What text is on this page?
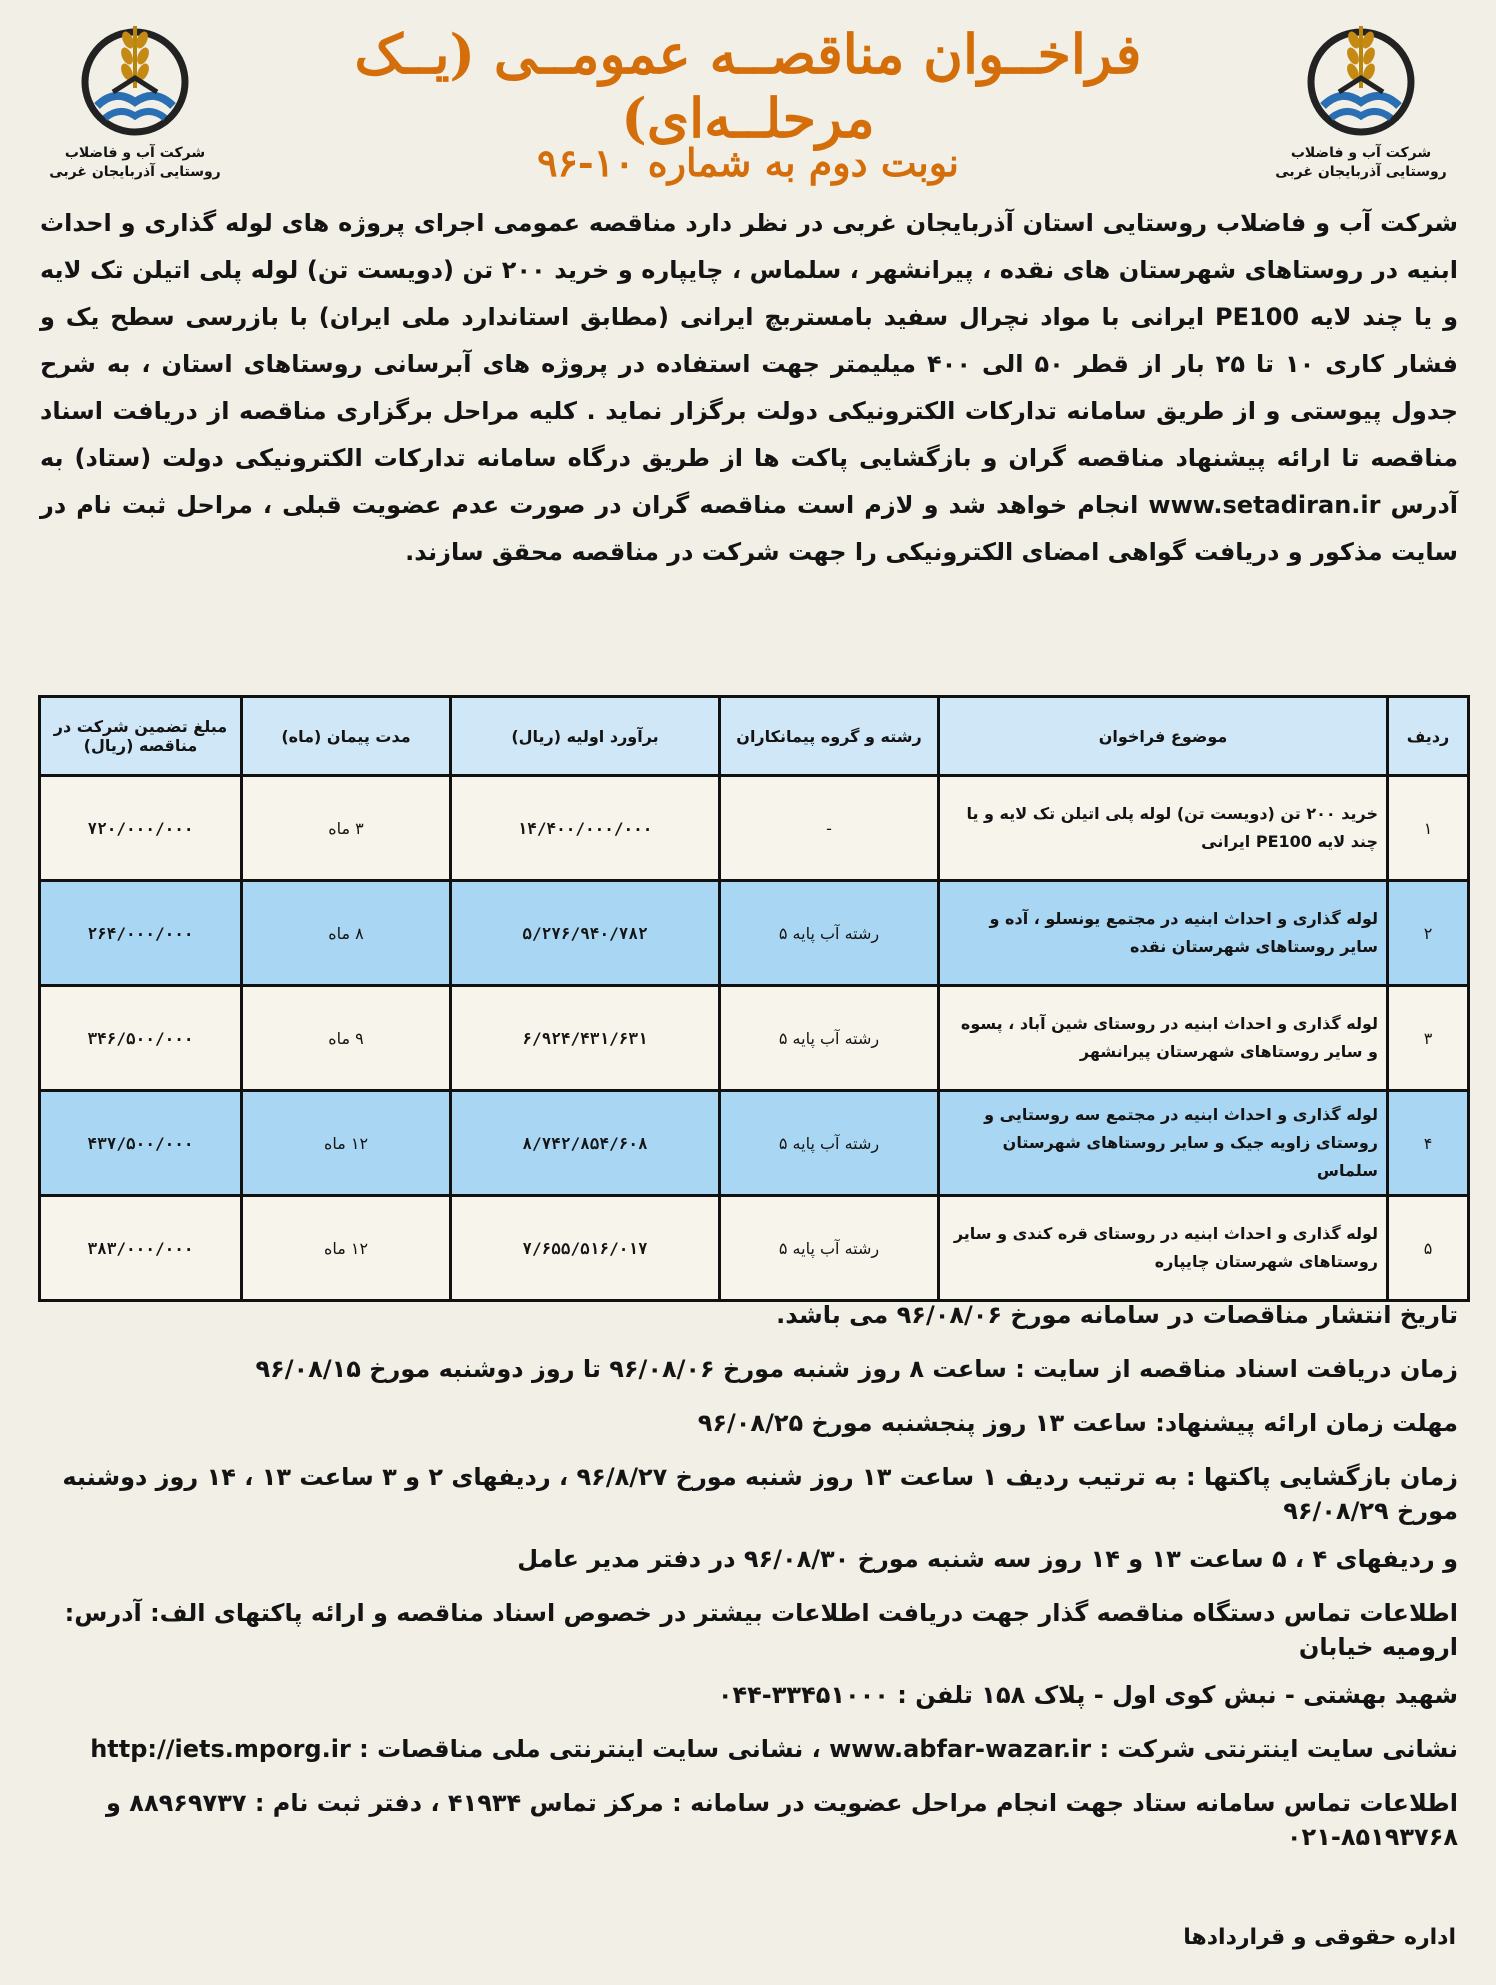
شرکت آب و فاضلاب روستایی آذربایجان غربی
شرکت آب و فاضلاب روستایی آذربایجان غربی
فراخــوان مناقصــه عمومــی (یــک مرحلــه‌ای)
نوبت دوم به شماره ۱۰-۹۶
شرکت آب و فاضلاب روستایی استان آذربایجان غربی در نظر دارد مناقصه عمومی اجرای پروژه های لوله گذاری و احداث ابنیه در روستاهای شهرستان های نقده ، پیرانشهر ، سلماس ، چایپاره و خرید ۲۰۰ تن (دویست تن) لوله پلی اتیلن تک لایه و یا چند لایه PE100 ایرانی با مواد نچرال سفید بامستربچ ایرانی (مطابق استاندارد ملی ایران) با بازرسی سطح یک و فشار کاری ۱۰ تا ۲۵ بار از قطر ۵۰ الی ۴۰۰ میلیمتر جهت استفاده در پروژه های آبرسانی روستاهای استان ، به شرح جدول پیوستی و از طریق سامانه تدارکات الکترونیکی دولت برگزار نماید . کلیه مراحل برگزاری مناقصه از دریافت اسناد مناقصه تا ارائه پیشنهاد مناقصه گران و بازگشایی پاکت ها از طریق درگاه سامانه تدارکات الکترونیکی دولت (ستاد) به آدرس www.setadiran.ir انجام خواهد شد و لازم است مناقصه گران در صورت عدم عضویت قبلی ، مراحل ثبت نام در سایت مذکور و دریافت گواهی امضای الکترونیکی را جهت شرکت در مناقصه محقق سازند.
ردیف	موضوع فراخوان	رشته و گروه پیمانکاران	برآورد اولیه (ریال)	مدت پیمان (ماه)	مبلغ تضمین شرکت در مناقصه (ریال)
۱	خرید ۲۰۰ تن (دویست تن) لوله پلی اتیلن تک لایه و یا چند لایه PE100 ایرانی	-	۱۴/۴۰۰/۰۰۰/۰۰۰	۳ ماه	۷۲۰/۰۰۰/۰۰۰
۲	لوله گذاری و احداث ابنیه در مجتمع یونسلو ، آده و سایر روستاهای شهرستان نقده	رشته آب پایه ۵	۵/۲۷۶/۹۴۰/۷۸۲	۸ ماه	۲۶۴/۰۰۰/۰۰۰
۳	لوله گذاری و احداث ابنیه در روستای شین آباد ، پسوه و سایر روستاهای شهرستان پیرانشهر	رشته آب پایه ۵	۶/۹۲۴/۴۳۱/۶۳۱	۹ ماه	۳۴۶/۵۰۰/۰۰۰
۴	لوله گذاری و احداث ابنیه در مجتمع سه روستایی و روستای زاویه جیک و سایر روستاهای شهرستان سلماس	رشته آب پایه ۵	۸/۷۴۲/۸۵۴/۶۰۸	۱۲ ماه	۴۳۷/۵۰۰/۰۰۰
۵	لوله گذاری و احداث ابنیه در روستای قره کندی و سایر روستاهای شهرستان چایپاره	رشته آب پایه ۵	۷/۶۵۵/۵۱۶/۰۱۷	۱۲ ماه	۳۸۳/۰۰۰/۰۰۰
تاریخ انتشار مناقصات در سامانه مورخ ۹۶/۰۸/۰۶ می باشد.
زمان دریافت اسناد مناقصه از سایت : ساعت ۸ روز شنبه مورخ ۹۶/۰۸/۰۶ تا روز دوشنبه مورخ ۹۶/۰۸/۱۵
مهلت زمان ارائه پیشنهاد: ساعت ۱۳ روز پنجشنبه مورخ ۹۶/۰۸/۲۵
زمان بازگشایی پاکتها : به ترتیب ردیف ۱ ساعت ۱۳ روز شنبه مورخ ۹۶/۸/۲۷ ، ردیفهای ۲ و ۳ ساعت ۱۳ ، ۱۴ روز دوشنبه مورخ ۹۶/۰۸/۲۹
و ردیفهای ۴ ، ۵ ساعت ۱۳ و ۱۴ روز سه شنبه مورخ ۹۶/۰۸/۳۰ در دفتر مدیر عامل
اطلاعات تماس دستگاه مناقصه گذار جهت دریافت اطلاعات بیشتر در خصوص اسناد مناقصه و ارائه پاکتهای الف: آدرس: ارومیه خیابان
شهید بهشتی - نبش کوی اول - پلاک ۱۵۸ تلفن : ۳۳۴۵۱۰۰۰-۰۴۴
نشانی سایت اینترنتی شرکت : www.abfar-wazar.ir ، نشانی سایت اینترنتی ملی مناقصات : http://iets.mporg.ir
اطلاعات تماس سامانه ستاد جهت انجام مراحل عضویت در سامانه : مرکز تماس ۴۱۹۳۴ ، دفتر ثبت نام : ۸۸۹۶۹۷۳۷ و ۸۵۱۹۳۷۶۸-۰۲۱
اداره حقوقی و قراردادها
